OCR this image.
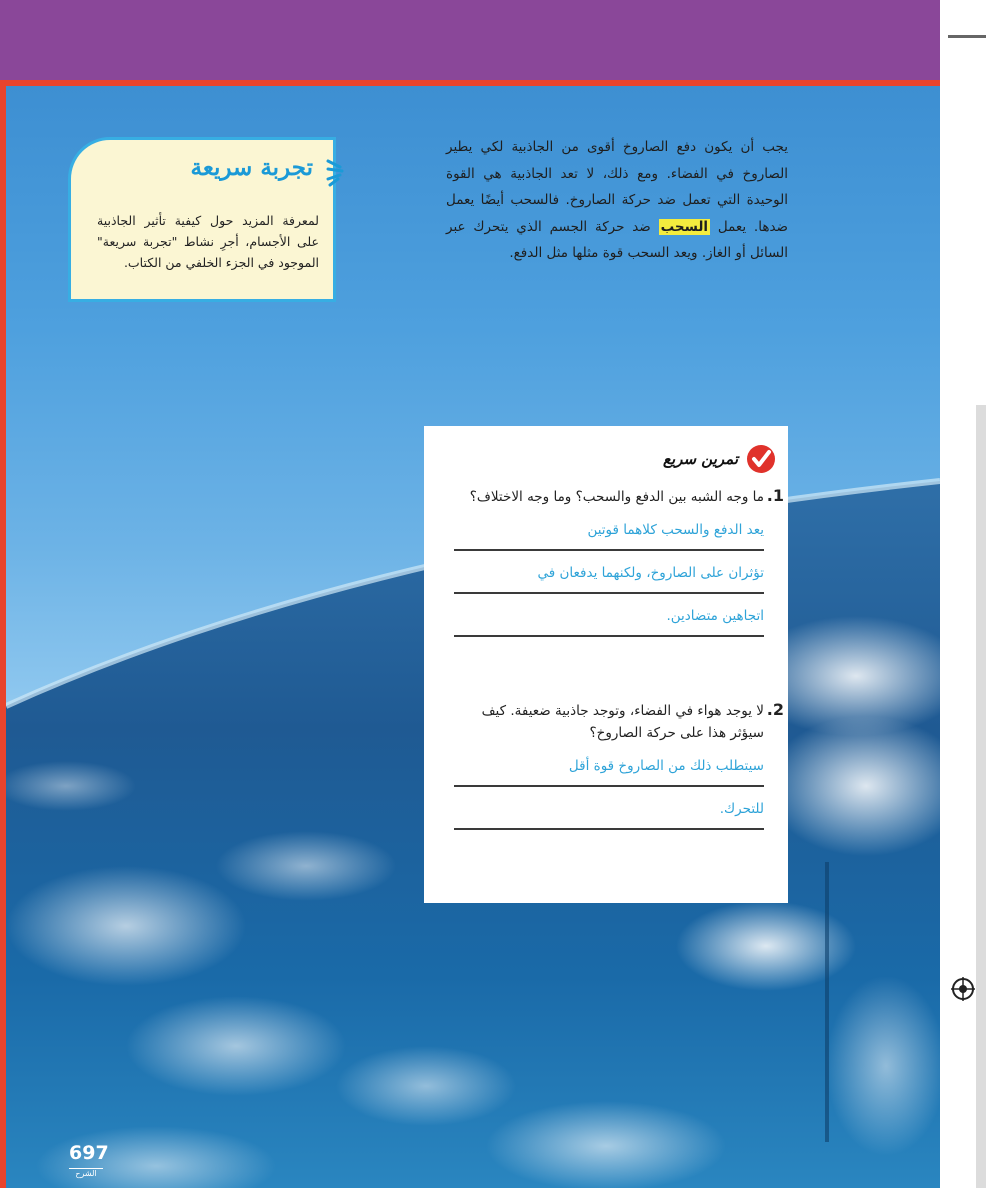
يجب أن يكون دفع الصاروخ أقوى من الجاذبية لكي يطير الصاروخ في الفضاء. ومع ذلك، لا تعد الجاذبية هي القوة الوحيدة التي تعمل ضد حركة الصاروخ. فالسحب أيضًا يعمل ضدها. يعمل السحب ضد حركة الجسم الذي يتحرك عبر السائل أو الغاز. ويعد السحب قوة مثلها مثل الدفع.
تجربة سريعة
لمعرفة المزيد حول كيفية تأثير الجاذبية على الأجسام، أجرِ نشاط "تجربة سريعة" الموجود في الجزء الخلفي من الكتاب.
تمرين سريع
1.
ما وجه الشبه بين الدفع والسحب؟ وما وجه الاختلاف؟
يعد الدفع والسحب كلاهما قوتين
تؤثران على الصاروخ، ولكنهما يدفعان في
اتجاهين متضادين.
2.
لا يوجد هواء في الفضاء، وتوجد جاذبية ضعيفة. كيف سيؤثر هذا على حركة الصاروخ؟
سيتطلب ذلك من الصاروخ قوة أقل
للتحرك.
697
الشرح
